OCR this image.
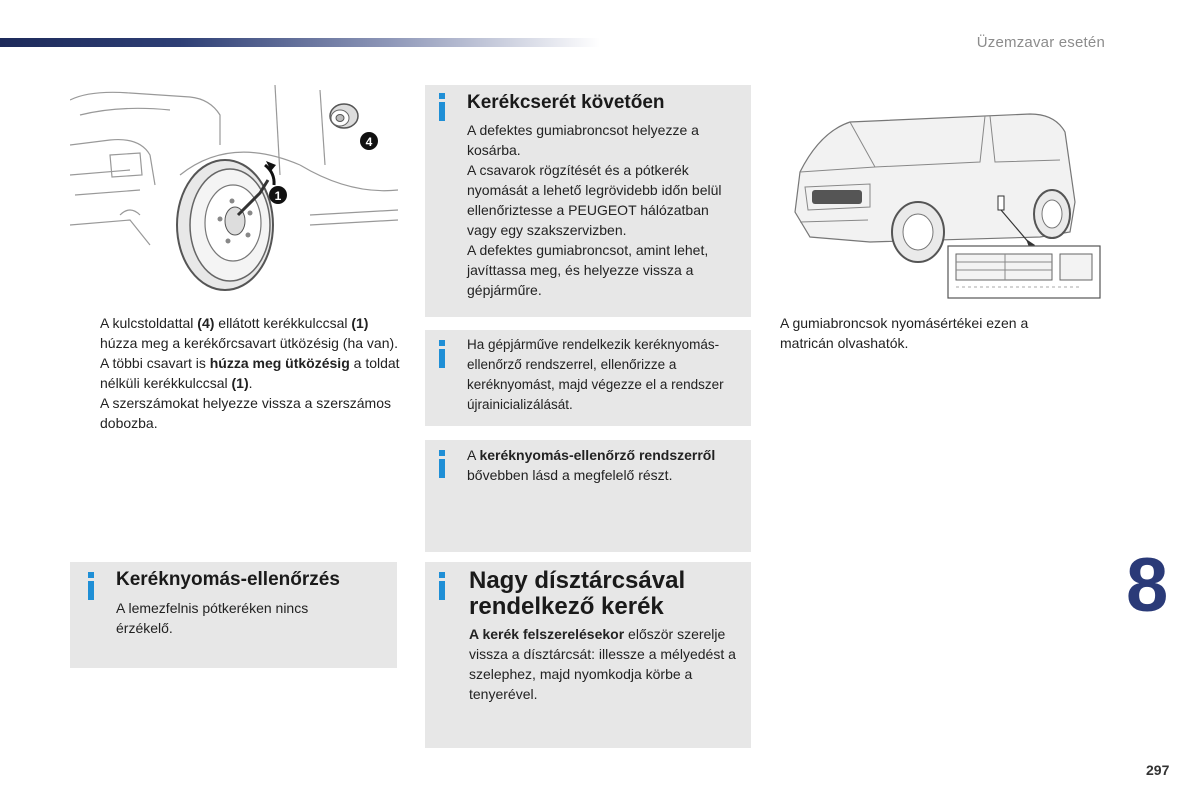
Üzemzavar esetén
4
1
A kulcstoldattal (4) ellátott kerékkulccsal (1) húzza meg a kerékőrcsavart ütközésig (ha van).
A többi csavart is húzza meg ütközésig a toldat nélküli kerékkulccsal (1).
A szerszámokat helyezze vissza a szerszámos dobozba.
A gumiabroncsok nyomásértékei ezen a matricán olvashatók.
Kerékcserét követően
A defektes gumiabroncsot helyezze a kosárba.
A csavarok rögzítését és a pótkerék nyomását a lehető legrövidebb időn belül ellenőriztesse a PEUGEOT hálózatban vagy egy szakszervizben.
A defektes gumiabroncsot, amint lehet, javíttassa meg, és helyezze vissza a gépjárműre.
Ha gépjárműve rendelkezik keréknyomás-ellenőrző rendszerrel, ellenőrizze a keréknyomást, majd végezze el a rendszer újrainicializálását.
A keréknyomás-ellenőrző rendszerről bővebben lásd a megfelelő részt.
Keréknyomás-ellenőrzés
A lemezfelnis pótkeréken nincs érzékelő.
Nagy dísztárcsával rendelkező kerék
A kerék felszerelésekor először szerelje vissza a dísztárcsát: illessze a mélyedést a szelephez, majd nyomkodja körbe a tenyerével.
8
297
